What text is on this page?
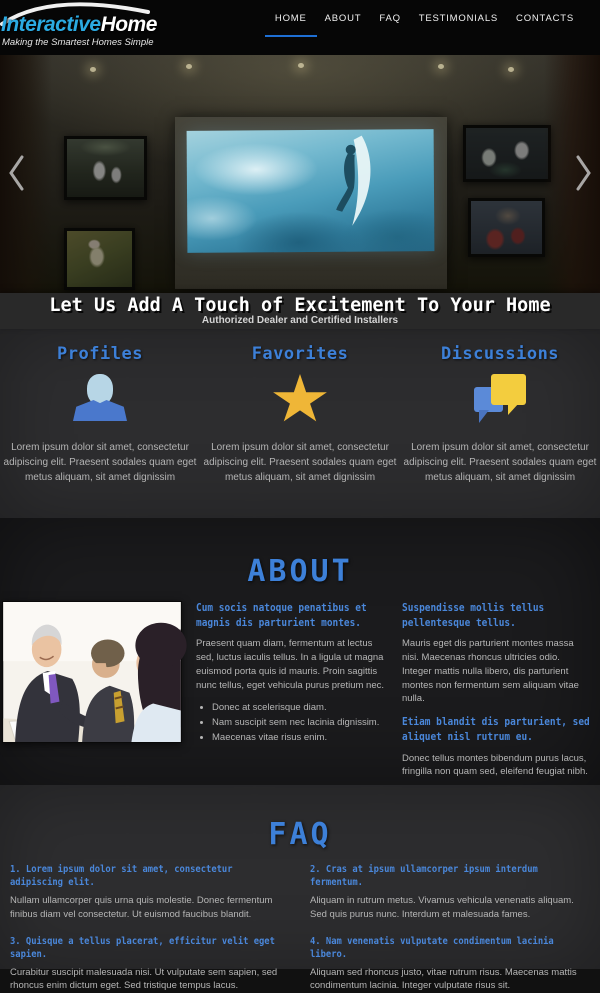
InteractiveHome
Making the Smartest Homes Simple
HOME ABOUT FAQ TESTIMONIALS CONTACTS
Let Us Add A Touch of Excitement To Your Home
Authorized Dealer and Certified Installers
Profiles
Lorem ipsum dolor sit amet, consectetur adipiscing elit. Praesent sodales quam eget metus aliquam, sit amet dignissim
Favorites
Lorem ipsum dolor sit amet, consectetur adipiscing elit. Praesent sodales quam eget metus aliquam, sit amet dignissim
Discussions
Lorem ipsum dolor sit amet, consectetur adipiscing elit. Praesent sodales quam eget metus aliquam, sit amet dignissim
ABOUT
Cum socis natoque penatibus et magnis dis parturient montes.
Praesent quam diam, fermentum at lectus sed, luctus iaculis tellus. In a ligula ut magna euismod porta quis id mauris. Proin sagittis nunc tellus, eget vehicula purus pretium nec.
• Donec at scelerisque diam.
• Nam suscipit sem nec lacinia dignissim.
• Maecenas vitae risus enim.
Suspendisse mollis tellus pellentesque tellus.
Mauris eget dis parturient montes massa nisi. Maecenas rhoncus ultricies odio. Integer mattis nulla libero, dis parturient montes non fermentum sem aliquam vitae nulla.
Etiam blandit dis parturient, sed aliquet nisl rutrum eu.
Donec tellus montes bibendum purus lacus, fringilla non quam sed, eleifend feugiat nibh.
FAQ
1. Lorem ipsum dolor sit amet, consectetur adipiscing elit.
Nullam ullamcorper quis urna quis molestie. Donec fermentum finibus diam vel consectetur. Ut euismod faucibus blandit.
2. Cras at ipsum ullamcorper ipsum interdum fermentum.
Aliquam in rutrum metus. Vivamus vehicula venenatis aliquam. Sed quis purus nunc. Interdum et malesuada fames.
3. Quisque a tellus placerat, efficitur velit eget sapien.
Curabitur suscipit malesuada nisi. Ut vulputate sem sapien, sed rhoncus enim dictum eget. Sed tristique tempus lacus.
4. Nam venenatis vulputate condimentum lacinia libero.
Aliquam sed rhoncus justo, vitae rutrum risus. Maecenas mattis condimentum lacinia. Integer vulputate risus sit.
